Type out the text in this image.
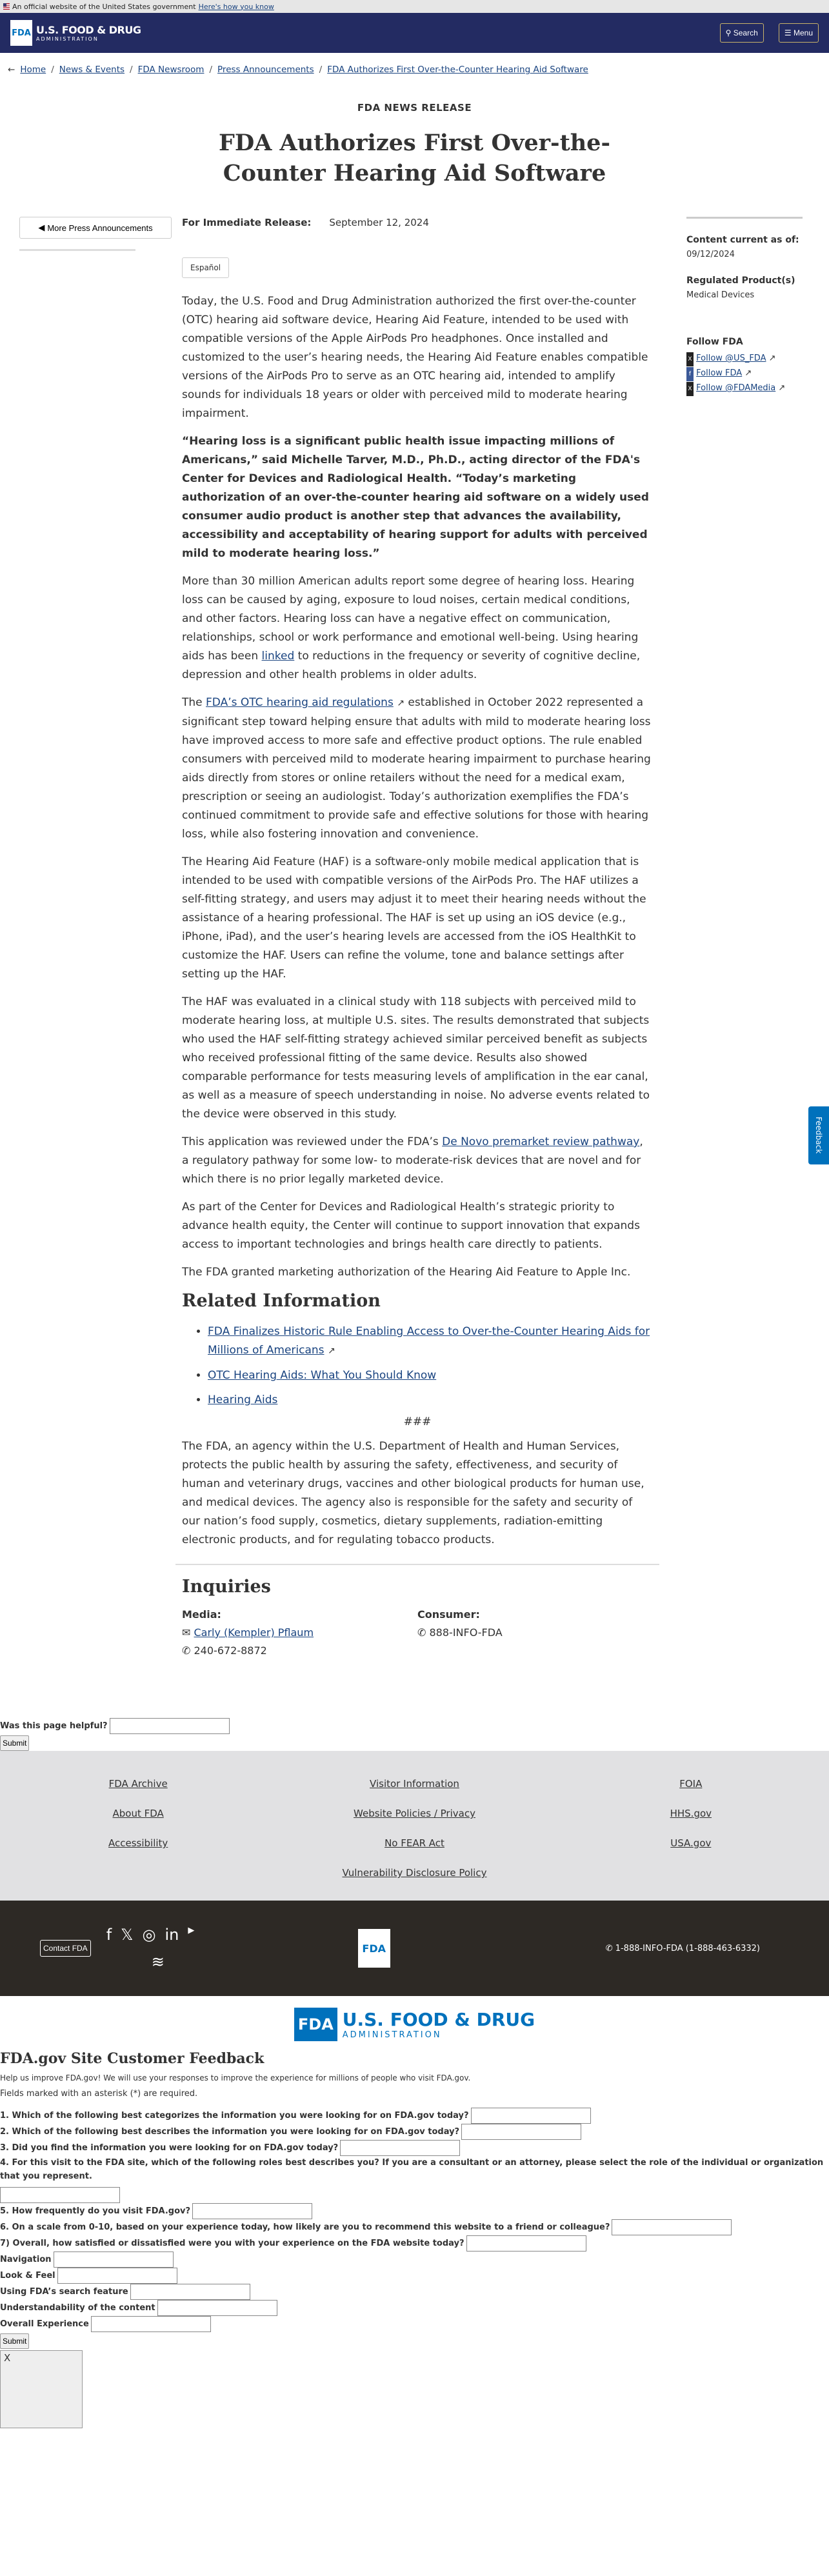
An official website of the United States government Here's how you know
FDA U.S. FOOD & DRUG
ADMINISTRATION
⚲ Search	☰ Menu
← Home / News & Events / FDA Newsroom / Press Announcements / FDA Authorizes First Over-the-Counter Hearing Aid Software
FDA NEWS RELEASE
FDA Authorizes First Over-the-Counter Hearing Aid Software
◀ More Press Announcements	For Immediate Release: September 12, 2024
Español

Today, the U.S. Food and Drug Administration authorized the first over-the-counter (OTC) hearing aid software device, Hearing Aid Feature, intended to be used with compatible versions of the Apple AirPods Pro headphones. Once installed and customized to the user’s hearing needs, the Hearing Aid Feature enables compatible versions of the AirPods Pro to serve as an OTC hearing aid, intended to amplify sounds for individuals 18 years or older with perceived mild to moderate hearing impairment.

“Hearing loss is a significant public health issue impacting millions of Americans,” said Michelle Tarver, M.D., Ph.D., acting director of the FDA's Center for Devices and Radiological Health. “Today’s marketing authorization of an over-the-counter hearing aid software on a widely used consumer audio product is another step that advances the availability, accessibility and acceptability of hearing support for adults with perceived mild to moderate hearing loss.”

More than 30 million American adults report some degree of hearing loss. Hearing loss can be caused by aging, exposure to loud noises, certain medical conditions, and other factors. Hearing loss can have a negative effect on communication, relationships, school or work performance and emotional well-being. Using hearing aids has been linked to reductions in the frequency or severity of cognitive decline, depression and other health problems in older adults.

The FDA’s OTC hearing aid regulations ↗ established in October 2022 represented a significant step toward helping ensure that adults with mild to moderate hearing loss have improved access to more safe and effective product options. The rule enabled consumers with perceived mild to moderate hearing impairment to purchase hearing aids directly from stores or online retailers without the need for a medical exam, prescription or seeing an audiologist. Today’s authorization exemplifies the FDA’s continued commitment to provide safe and effective solutions for those with hearing loss, while also fostering innovation and convenience.

The Hearing Aid Feature (HAF) is a software-only mobile medical application that is intended to be used with compatible versions of the AirPods Pro. The HAF utilizes a self-fitting strategy, and users may adjust it to meet their hearing needs without the assistance of a hearing professional. The HAF is set up using an iOS device (e.g., iPhone, iPad), and the user’s hearing levels are accessed from the iOS HealthKit to customize the HAF. Users can refine the volume, tone and balance settings after setting up the HAF.

The HAF was evaluated in a clinical study with 118 subjects with perceived mild to moderate hearing loss, at multiple U.S. sites. The results demonstrated that subjects who used the HAF self-fitting strategy achieved similar perceived benefit as subjects who received professional fitting of the same device. Results also showed comparable performance for tests measuring levels of amplification in the ear canal, as well as a measure of speech understanding in noise. No adverse events related to the device were observed in this study.

This application was reviewed under the FDA’s De Novo premarket review pathway, a regulatory pathway for some low- to moderate-risk devices that are novel and for which there is no prior legally marketed device.

As part of the Center for Devices and Radiological Health’s strategic priority to advance health equity, the Center will continue to support innovation that expands access to important technologies and brings health care directly to patients.

The FDA granted marketing authorization of the Hearing Aid Feature to Apple Inc.

Related Information
• FDA Finalizes Historic Rule Enabling Access to Over-the-Counter Hearing Aids for Millions of Americans ↗
• OTC Hearing Aids: What You Should Know
• Hearing Aids
###

The FDA, an agency within the U.S. Department of Health and Human Services, protects the public health by assuring the safety, effectiveness, and security of human and veterinary drugs, vaccines and other biological products for human use, and medical devices. The agency also is responsible for the safety and security of our nation’s food supply, cosmetics, dietary supplements, radiation-emitting electronic products, and for regulating tobacco products.

Inquiries
Media:
✉ Carly (Kempler) Pflaum
✆ 240-672-8872
Consumer:
✆ 888-INFO-FDA
Content current as of:
09/12/2024
Regulated Product(s)
Medical Devices
Follow FDA
X Follow @US_FDA ↗
f Follow FDA ↗
X Follow @FDAMedia ↗
Feedback
Was this page helpful?
Submit
FDA Archive	Visitor Information	FOIA
About FDA	Website Policies / Privacy	HHS.gov
Accessibility	No FEAR Act	USA.gov
Vulnerability Disclosure Policy
Contact FDA
f 𝕏 ◎ in ▶
≋
FDA	✆ 1-888-INFO-FDA (1-888-463-6332)
FDA U.S. FOOD & DRUG
ADMINISTRATION
FDA.gov Site Customer Feedback
Help us improve FDA.gov! We will use your responses to improve the experience for millions of people who visit FDA.gov.
Fields marked with an asterisk (*) are required.
1. Which of the following best categorizes the information you were looking for on FDA.gov today?
2. Which of the following best describes the information you were looking for on FDA.gov today?
3. Did you find the information you were looking for on FDA.gov today?
4. For this visit to the FDA site, which of the following roles best describes you? If you are a consultant or an attorney, please select the role of the individual or organization that you represent.
5. How frequently do you visit FDA.gov?
6. On a scale from 0-10, based on your experience today, how likely are you to recommend this website to a friend or colleague?
7) Overall, how satisfied or dissatisfied were you with your experience on the FDA website today?
Navigation
Look & Feel
Using FDA’s search feature
Understandability of the content
Overall Experience
Submit
X
